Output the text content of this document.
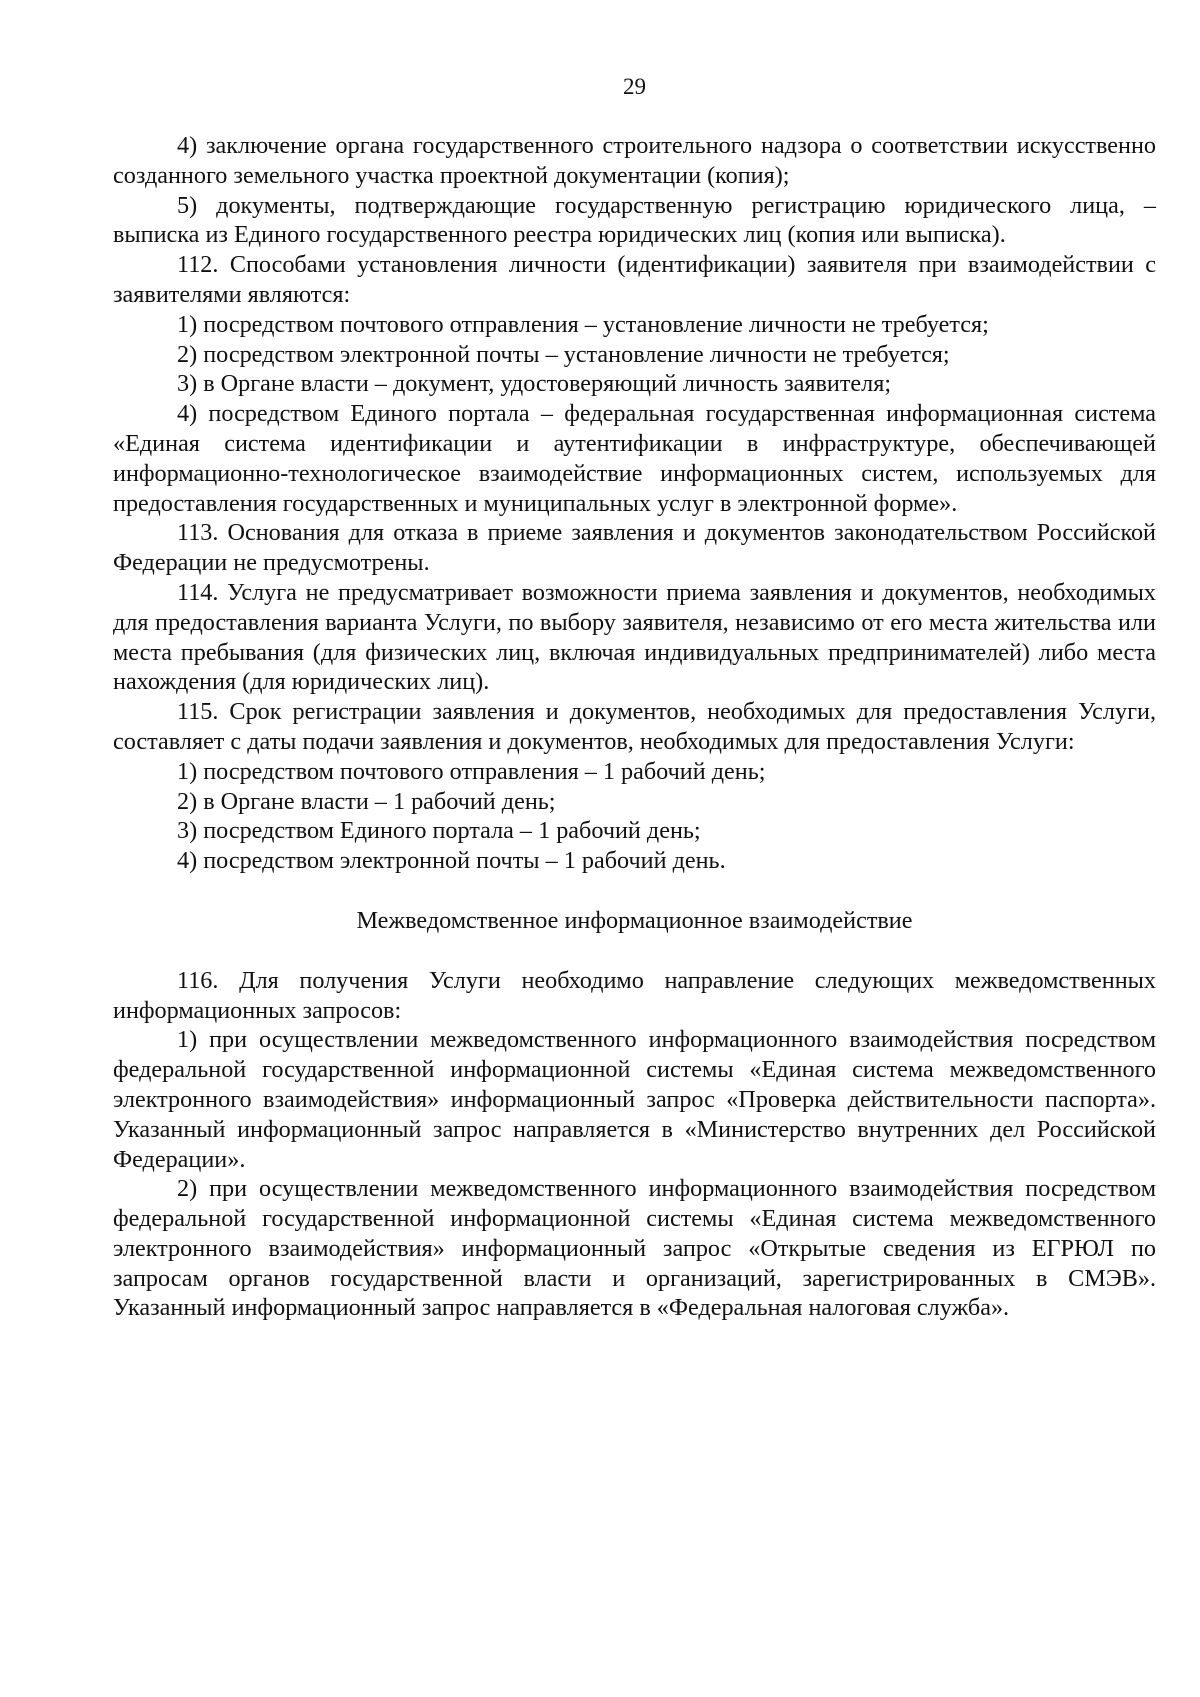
29

4) заключение органа государственного строительного надзора о соответствии искусственно созданного земельного участка проектной документации (копия);

5) документы, подтверждающие государственную регистрацию юридического лица, – выписка из Единого государственного реестра юридических лиц (копия или выписка).

112. Способами установления личности (идентификации) заявителя при взаимодействии с заявителями являются:

1) посредством почтового отправления – установление личности не требуется;

2) посредством электронной почты – установление личности не требуется;

3) в Органе власти – документ, удостоверяющий личность заявителя;

4) посредством Единого портала – федеральная государственная информационная система «Единая система идентификации и аутентификации в инфраструктуре, обеспечивающей информационно-технологическое взаимодействие информационных систем, используемых для предоставления государственных и муниципальных услуг в электронной форме».

113. Основания для отказа в приеме заявления и документов законодательством Российской Федерации не предусмотрены.

114. Услуга не предусматривает возможности приема заявления и документов, необходимых для предоставления варианта Услуги, по выбору заявителя, независимо от его места жительства или места пребывания (для физических лиц, включая индивидуальных предпринимателей) либо места нахождения (для юридических лиц).

115. Срок регистрации заявления и документов, необходимых для предоставления Услуги, составляет с даты подачи заявления и документов, необходимых для предоставления Услуги:

1) посредством почтового отправления – 1 рабочий день;

2) в Органе власти – 1 рабочий день;

3) посредством Единого портала – 1 рабочий день;

4) посредством электронной почты – 1 рабочий день.

Межведомственное информационное взаимодействие

116. Для получения Услуги необходимо направление следующих межведомственных информационных запросов:

1) при осуществлении межведомственного информационного взаимодействия посредством федеральной государственной информационной системы «Единая система межведомственного электронного взаимодействия» информационный запрос «Проверка действительности паспорта». Указанный информационный запрос направляется в «Министерство внутренних дел Российской Федерации».

2) при осуществлении межведомственного информационного взаимодействия посредством федеральной государственной информационной системы «Единая система межведомственного электронного взаимодействия» информационный запрос «Открытые сведения из ЕГРЮЛ по запросам органов государственной власти и организаций, зарегистрированных в СМЭВ». Указанный информационный запрос направляется в «Федеральная налоговая служба».
